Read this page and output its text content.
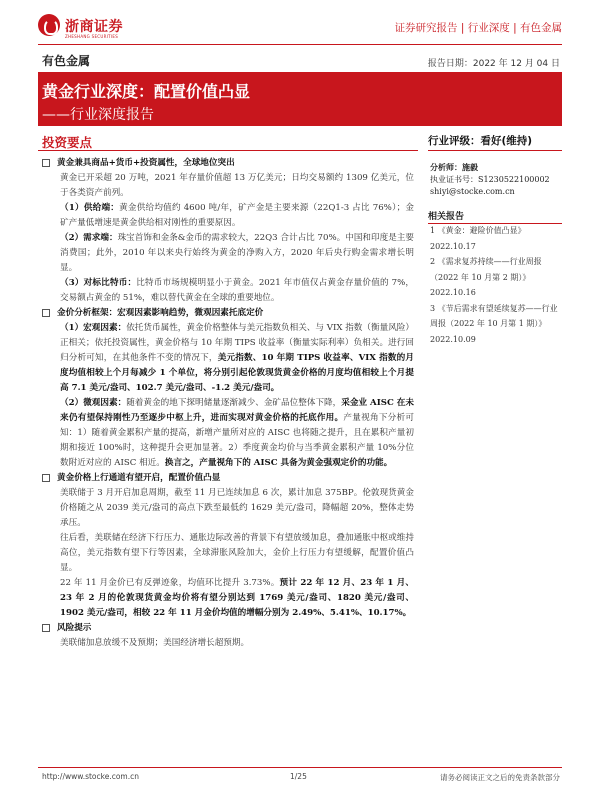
浙商证券
ZHESHANG SECURITIES
证券研究报告 | 行业深度 | 有色金属
有色金属	报告日期：2022 年 12 月 04 日
黄金行业深度：配置价值凸显
——行业深度报告
投资要点
黄金兼具商品+货币+投资属性，全球地位突出

黄金已开采超 20 万吨，2021 年存量价值超 13 万亿美元；日均交易额约 1309 亿美元，位于各类资产前列。

（1）供给端：黄金供给均值约 4600 吨/年，矿产金是主要来源（22Q1-3 占比 76%）；金矿产量低增速是黄金供给相对刚性的重要原因。

（2）需求端：珠宝首饰和金条&金币的需求较大，22Q3 合计占比 70%。中国和印度是主要消费国；此外，2010 年以来央行始终为黄金的净购入方，2020 年后央行购金需求增长明显。

（3）对标比特币：比特币市场规模明显小于黄金。2021 年市值仅占黄金存量价值的 7%，交易额占黄金的 51%，难以替代黄金在全球的重要地位。

金价分析框架：宏观因素影响趋势，微观因素托底定价

（1）宏观因素：依托货币属性，黄金价格整体与美元指数负相关、与 VIX 指数（衡量风险）正相关；依托投资属性，黄金价格与 10 年期 TIPS 收益率（衡量实际利率）负相关。进行回归分析可知，在其他条件不变的情况下，美元指数、10 年期 TIPS 收益率、VIX 指数的月度均值相较上个月每减少 1 个单位，将分别引起伦敦现货黄金价格的月度均值相较上个月提高 7.1 美元/盎司、102.7 美元/盎司、-1.2 美元/盎司。

（2）微观因素：随着黄金的地下探明储量逐渐减少、金矿品位整体下降，采金业 AISC 在未来仍有望保持刚性乃至逐步中枢上升，进而实现对黄金价格的托底作用。产量视角下分析可知：1）随着黄金累积产量的提高，新增产量所对应的 AISC 也将随之提升，且在累积产量初期和接近 100%时，这种提升会更加显著。2）季度黄金均价与当季黄金累积产量 10%分位数附近对应的 AISC 相近。换言之，产量视角下的 AISC 具备为黄金强观定价的功能。

黄金价格上行通道有望开启，配置价值凸显

美联储于 3 月开启加息周期，截至 11 月已连续加息 6 次，累计加息 375BP。伦敦现货黄金价格随之从 2039 美元/盎司的高点下跌至最低约 1629 美元/盎司，降幅超 20%，整体走势承压。

往后看，美联储在经济下行压力、通胀边际改善的背景下有望放缓加息，叠加通胀中枢或维持高位，美元指数有望下行等因素，全球滞胀风险加大，金价上行压力有望缓解，配置价值凸显。

22 年 11 月金价已有反弹迹象，均值环比提升 3.73%。预计 22 年 12 月、23 年 1 月、23 年 2 月的伦敦现货黄金均价将有望分别达到 1769 美元/盎司、1820 美元/盎司、1902 美元/盎司，相较 22 年 11 月金价均值的增幅分别为 2.49%、5.41%、10.17%。

风险提示

美联储加息放缓不及预期；美国经济增长超预期。

行业评级：看好(维持)
分析师：施毅
执业证书号：S1230522100002
shiyi@stocke.com.cn
相关报告
1 《黄金：避险价值凸显》
2022.10.17
2 《需求复苏持续——行业周报（2022 年 10 月第 2 期）》
2022.10.16
3 《节后需求有望延续复苏——行业周报（2022 年 10 月第 1 期）》 2022.10.09
http://www.stocke.com.cn	1/25	请务必阅读正文之后的免责条款部分
